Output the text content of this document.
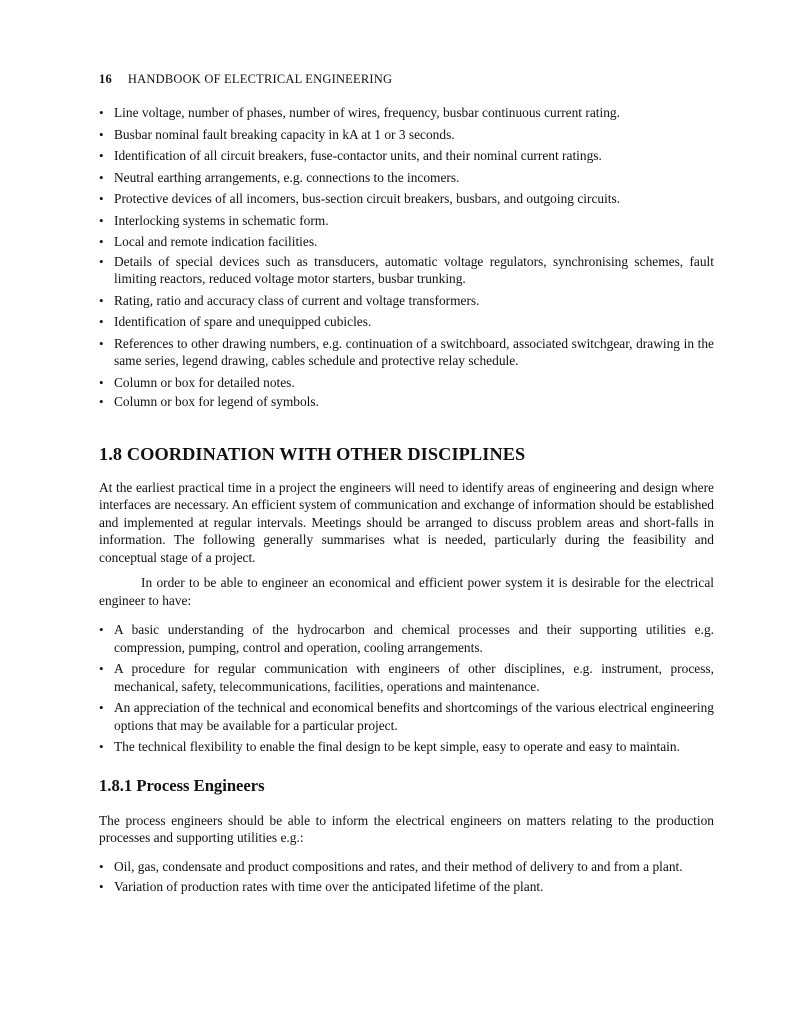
16 HANDBOOK OF ELECTRICAL ENGINEERING
• Line voltage, number of phases, number of wires, frequency, busbar continuous current rating.
• Busbar nominal fault breaking capacity in kA at 1 or 3 seconds.
• Identification of all circuit breakers, fuse-contactor units, and their nominal current ratings.
• Neutral earthing arrangements, e.g. connections to the incomers.
• Protective devices of all incomers, bus-section circuit breakers, busbars, and outgoing circuits.
• Interlocking systems in schematic form.
• Local and remote indication facilities.
• Details of special devices such as transducers, automatic voltage regulators, synchronising schemes, fault limiting reactors, reduced voltage motor starters, busbar trunking.
• Rating, ratio and accuracy class of current and voltage transformers.
• Identification of spare and unequipped cubicles.
• References to other drawing numbers, e.g. continuation of a switchboard, associated switchgear, drawing in the same series, legend drawing, cables schedule and protective relay schedule.
• Column or box for detailed notes.
• Column or box for legend of symbols.
1.8 COORDINATION WITH OTHER DISCIPLINES

At the earliest practical time in a project the engineers will need to identify areas of engineering and design where interfaces are necessary. An efficient system of communication and exchange of information should be established and implemented at regular intervals. Meetings should be arranged to discuss problem areas and short-falls in information. The following generally summarises what is needed, particularly during the feasibility and conceptual stage of a project.

In order to be able to engineer an economical and efficient power system it is desirable for the electrical engineer to have:

• A basic understanding of the hydrocarbon and chemical processes and their supporting utilities e.g. compression, pumping, control and operation, cooling arrangements.
• A procedure for regular communication with engineers of other disciplines, e.g. instrument, process, mechanical, safety, telecommunications, facilities, operations and maintenance.
• An appreciation of the technical and economical benefits and shortcomings of the various electrical engineering options that may be available for a particular project.
• The technical flexibility to enable the final design to be kept simple, easy to operate and easy to maintain.
1.8.1 Process Engineers

The process engineers should be able to inform the electrical engineers on matters relating to the production processes and supporting utilities e.g.:

• Oil, gas, condensate and product compositions and rates, and their method of delivery to and from a plant.
• Variation of production rates with time over the anticipated lifetime of the plant.
